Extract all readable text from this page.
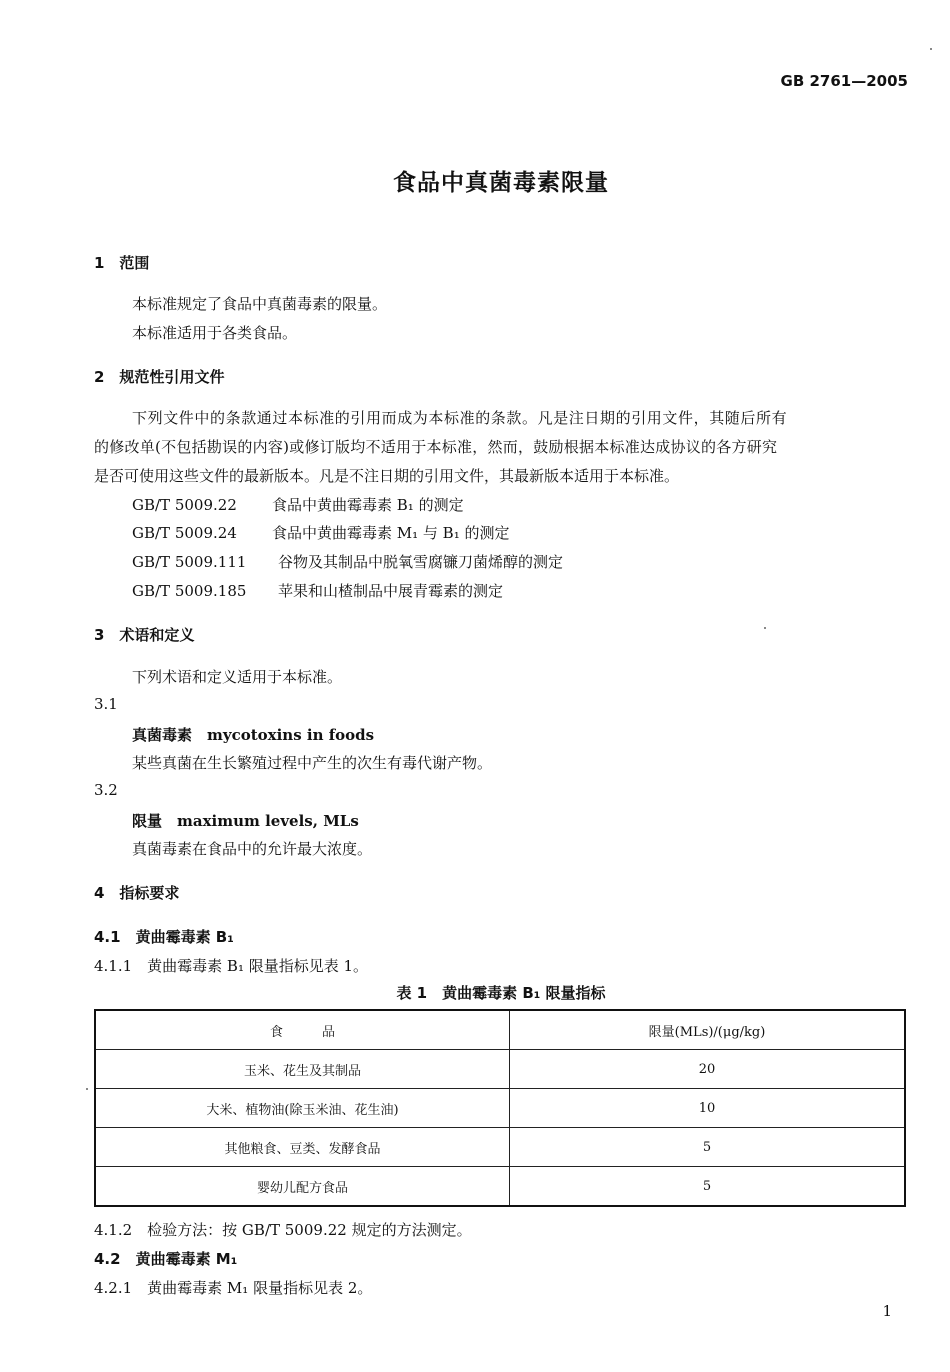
GB 2761—2005
食品中真菌毒素限量
1　范围
本标准规定了食品中真菌毒素的限量。
本标准适用于各类食品。
2　规范性引用文件
下列文件中的条款通过本标准的引用而成为本标准的条款。凡是注日期的引用文件，其随后所有
的修改单(不包括勘误的内容)或修订版均不适用于本标准，然而，鼓励根据本标准达成协议的各方研究
是否可使用这些文件的最新版本。凡是不注日期的引用文件，其最新版本适用于本标准。
GB/T 5009.22 食品中黄曲霉毒素 B₁ 的测定
GB/T 5009.24 食品中黄曲霉毒素 M₁ 与 B₁ 的测定
GB/T 5009.111 谷物及其制品中脱氧雪腐镰刀菌烯醇的测定
GB/T 5009.185 苹果和山楂制品中展青霉素的测定
3　术语和定义
下列术语和定义适用于本标准。
3.1
真菌毒素　mycotoxins in foods
某些真菌在生长繁殖过程中产生的次生有毒代谢产物。
3.2
限量　maximum levels, MLs
真菌毒素在食品中的允许最大浓度。
4　指标要求
4.1　黄曲霉毒素 B₁
4.1.1　黄曲霉毒素 B₁ 限量指标见表 1。
表 1　黄曲霉毒素 B₁ 限量指标
食　　　品	限量(MLs)/(μg/kg)
玉米、花生及其制品	20
大米、植物油(除玉米油、花生油)	10
其他粮食、豆类、发酵食品	5
婴幼儿配方食品	5
4.1.2　检验方法：按 GB/T 5009.22 规定的方法测定。
4.2　黄曲霉毒素 M₁
4.2.1　黄曲霉毒素 M₁ 限量指标见表 2。
1
